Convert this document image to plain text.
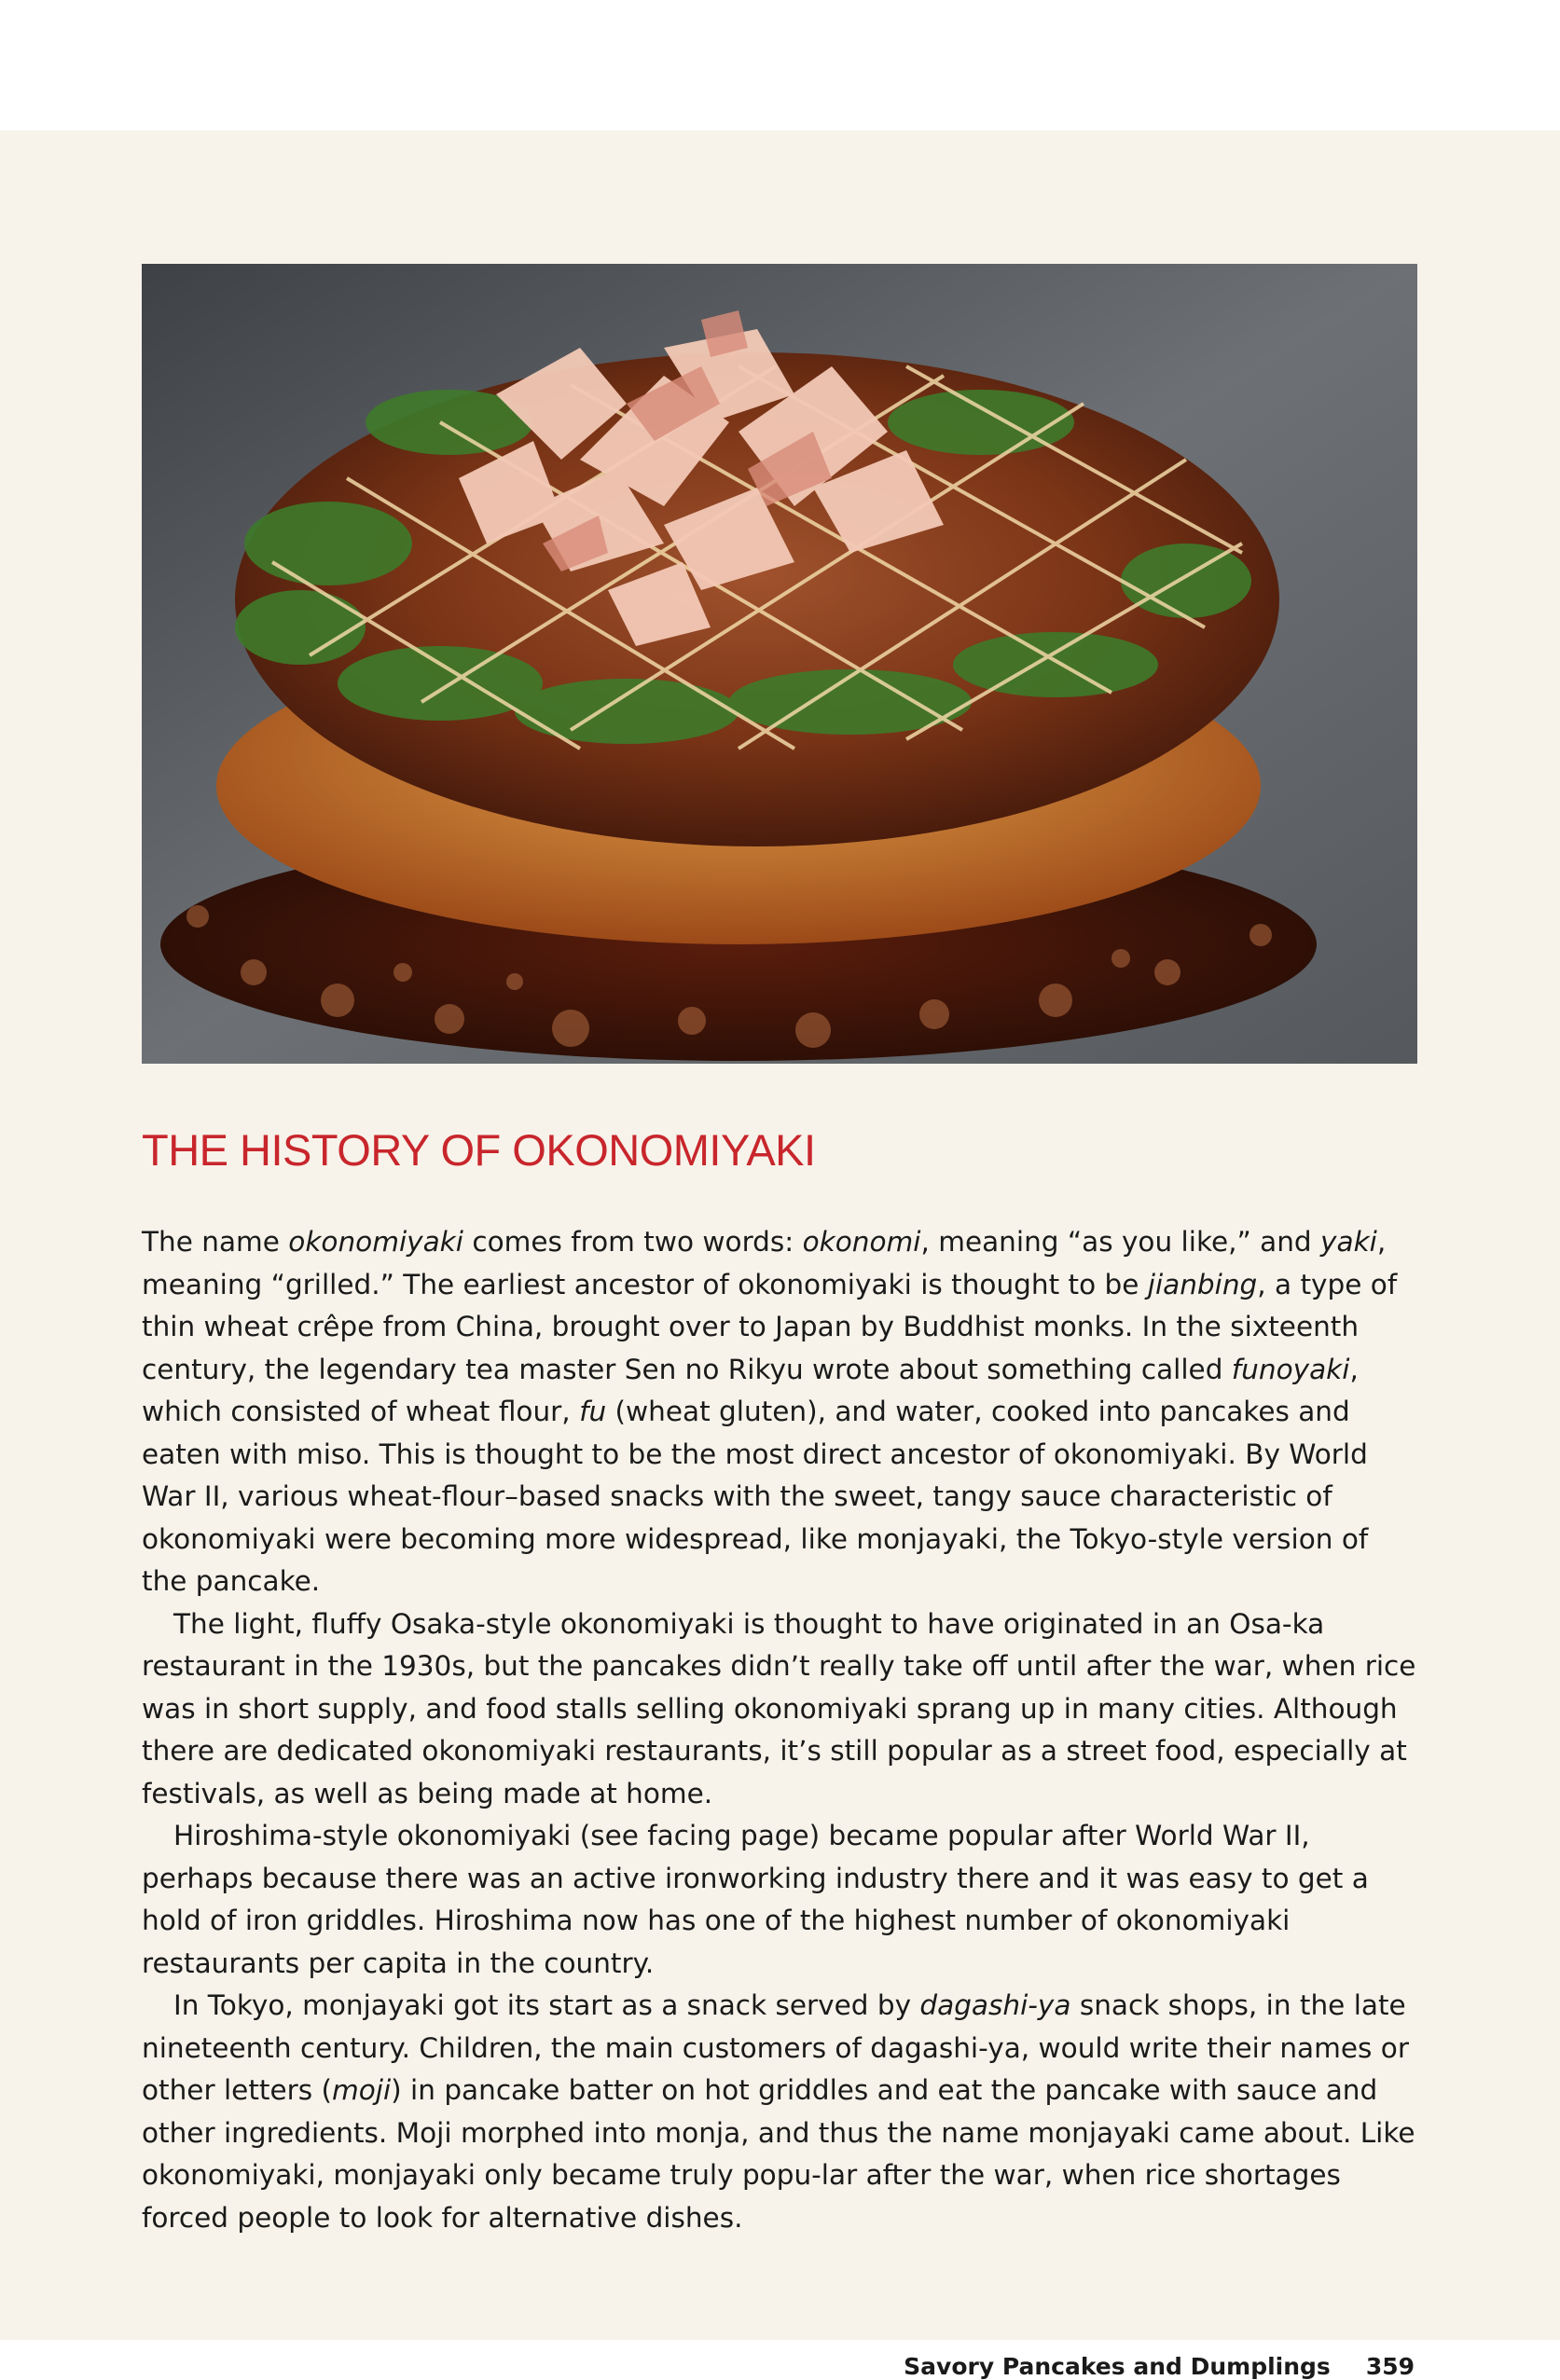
THE HISTORY OF OKONOMIYAKI

The name okonomiyaki comes from two words: okonomi, meaning “as you like,” and yaki, meaning “grilled.” The earliest ancestor of okonomiyaki is thought to be jianbing, a type of thin wheat crêpe from China, brought over to Japan by Buddhist monks. In the sixteenth century, the legendary tea master Sen no Rikyu wrote about something called funoyaki, which consisted of wheat flour, fu (wheat gluten), and water, cooked into pancakes and eaten with miso. This is thought to be the most direct ancestor of okonomiyaki. By World War II, various wheat-flour–based snacks with the sweet, tangy sauce characteristic of okonomiyaki were becoming more widespread, like monjayaki, the Tokyo-style version of the pancake.

The light, fluffy Osaka-style okonomiyaki is thought to have originated in an Osa-ka restaurant in the 1930s, but the pancakes didn’t really take off until after the war, when rice was in short supply, and food stalls selling okonomiyaki sprang up in many cities. Although there are dedicated okonomiyaki restaurants, it’s still popular as a street food, especially at festivals, as well as being made at home.

Hiroshima-style okonomiyaki (see facing page) became popular after World War II, perhaps because there was an active ironworking industry there and it was easy to get a hold of iron griddles. Hiroshima now has one of the highest number of okonomiyaki restaurants per capita in the country.

In Tokyo, monjayaki got its start as a snack served by dagashi-ya snack shops, in the late nineteenth century. Children, the main customers of dagashi-ya, would write their names or other letters (moji) in pancake batter on hot griddles and eat the pancake with sauce and other ingredients. Moji morphed into monja, and thus the name monjayaki came about. Like okonomiyaki, monjayaki only became truly popu-lar after the war, when rice shortages forced people to look for alternative dishes.

Savory Pancakes and Dumplings 359
